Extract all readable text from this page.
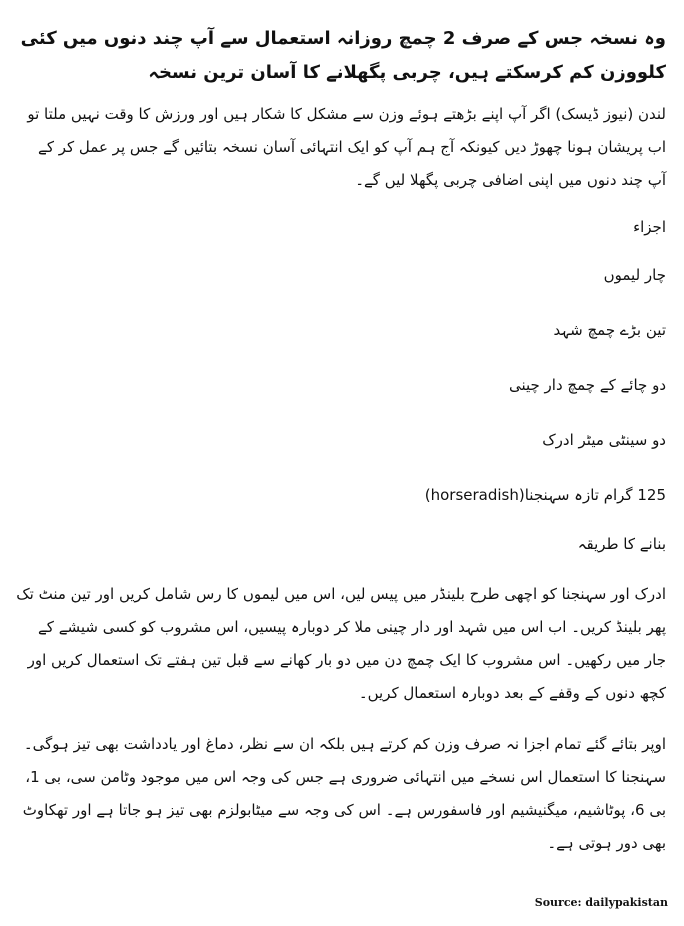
وہ نسخہ جس کے صرف 2 چمچ روزانہ استعمال سے آپ چند دنوں میں کئی کلووزن کم کرسکتے ہیں، چربی پگھلانے کا آسان ترین نسخہ

لندن (نیوز ڈیسک) اگر آپ اپنے بڑھتے ہوئے وزن سے مشکل کا شکار ہیں اور ورزش کا وقت نہیں ملتا تو اب پریشان ہونا چھوڑ دیں کیونکہ آج ہم آپ کو ایک انتہائی آسان نسخہ بتائیں گے جس پر عمل کر کے آپ چند دنوں میں اپنی اضافی چربی پگھلا لیں گے۔

اجزاء
چار لیموں
تین بڑے چمچ شہد
دو چائے کے چمچ دار چینی
دو سینٹی میٹر ادرک
125 گرام تازہ سہنجنا(horseradish)
بنانے کا طریقہ

ادرک اور سہنجنا کو اچھی طرح بلینڈر میں پیس لیں، اس میں لیموں کا رس شامل کریں اور تین منٹ تک پھر بلینڈ کریں۔ اب اس میں شہد اور دار چینی ملا کر دوبارہ پیسیں، اس مشروب کو کسی شیشے کے جار میں رکھیں۔ اس مشروب کا ایک چمچ دن میں دو بار کھانے سے قبل تین ہفتے تک استعمال کریں اور کچھ دنوں کے وقفے کے بعد دوبارہ استعمال کریں۔

اوپر بتائے گئے تمام اجزا نہ صرف وزن کم کرتے ہیں بلکہ ان سے نظر، دماغ اور یادداشت بھی تیز ہوگی۔ سہنجنا کا استعمال اس نسخے میں انتہائی ضروری ہے جس کی وجہ اس میں موجود وٹامن سی، بی 1، بی 6، پوٹاشیم، میگنیشیم اور فاسفورس ہے۔ اس کی وجہ سے میٹابولزم بھی تیز ہو جاتا ہے اور تھکاوٹ بھی دور ہوتی ہے۔

Source: dailypakistan
